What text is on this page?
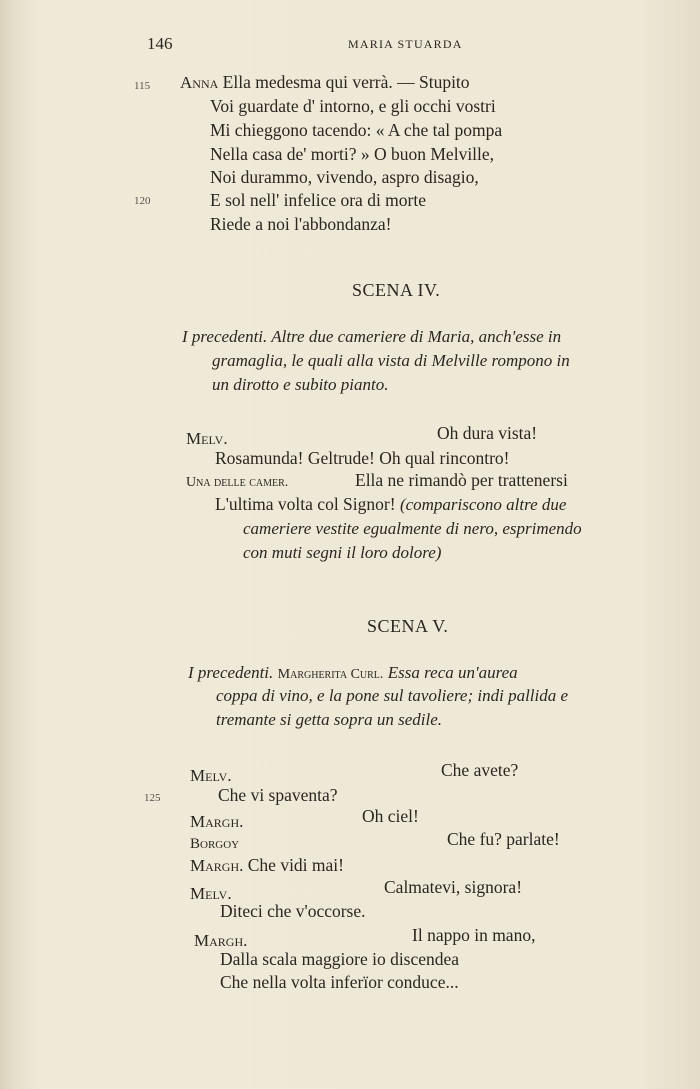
146	MARIA STUARDA
115
120
125
Anna Ella medesma qui verrà. — Stupito
Voi guardate d' intorno, e gli occhi vostri
Mi chieggono tacendo: « A che tal pompa
Nella casa de' morti? » O buon Melville,
Noi durammo, vivendo, aspro disagio,
E sol nell' infelice ora di morte
Riede a noi l'abbondanza!
SCENA IV.
I precedenti. Altre due cameriere di Maria, anch'esse in
gramaglia, le quali alla vista di Melville rompono in
un dirotto e subito pianto.
Melv.	Oh dura vista!
Rosamunda! Geltrude! Oh qual rincontro!
Una delle camer.	Ella ne rimandò per trattenersi
L'ultima volta col Signor! (compariscono altre due
cameriere vestite egualmente di nero, esprimendo
con muti segni il loro dolore)
SCENA V.
I precedenti. Margherita Curl. Essa reca un'aurea
coppa di vino, e la pone sul tavoliere; indi pallida e
tremante si getta sopra un sedile.
Melv.	Che avete?
Che vi spaventa?
Margh.	Oh ciel!
Borgoy	Che fu? parlate!
Margh. Che vidi mai!
Melv.	Calmatevi, signora!
Diteci che v'occorse.
Margh.	Il nappo in mano,
Dalla scala maggiore io discendea
Che nella volta inferïor conduce...
